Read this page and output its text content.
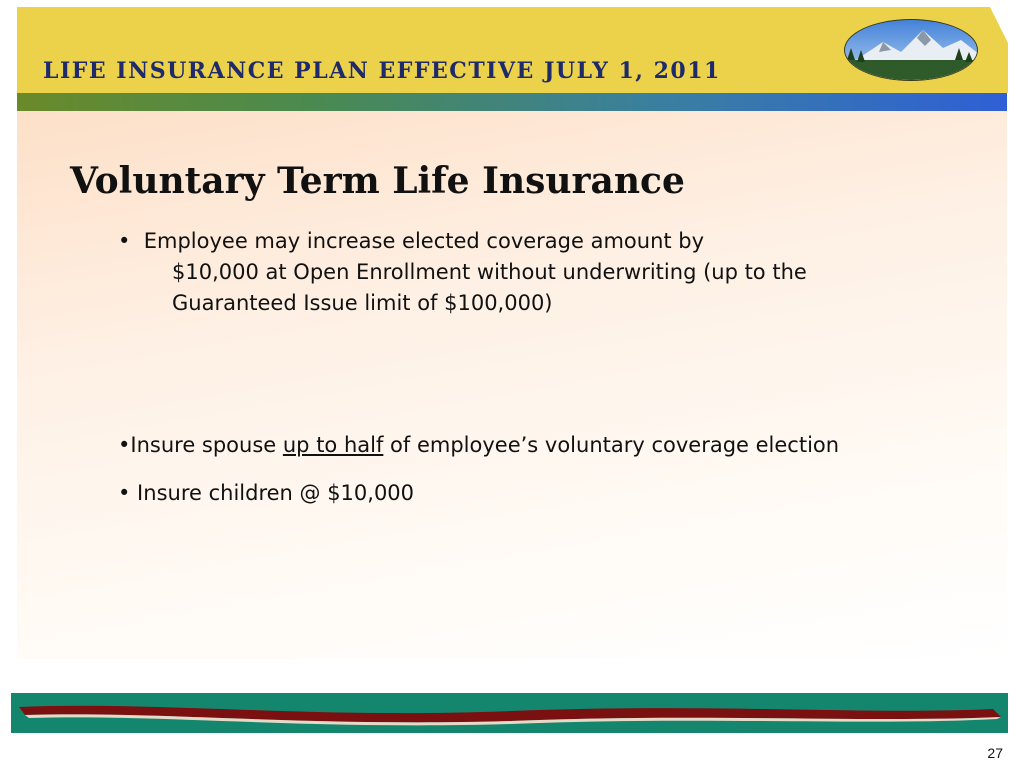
LIFE INSURANCE PLAN EFFECTIVE JULY 1, 2011
Voluntary Term Life Insurance
• Employee may increase elected coverage amount by
$10,000 at Open Enrollment without underwriting (up to the
Guaranteed Issue limit of $100,000)
•Insure spouse up to half of employee’s voluntary coverage election
• Insure children @ $10,000
27
